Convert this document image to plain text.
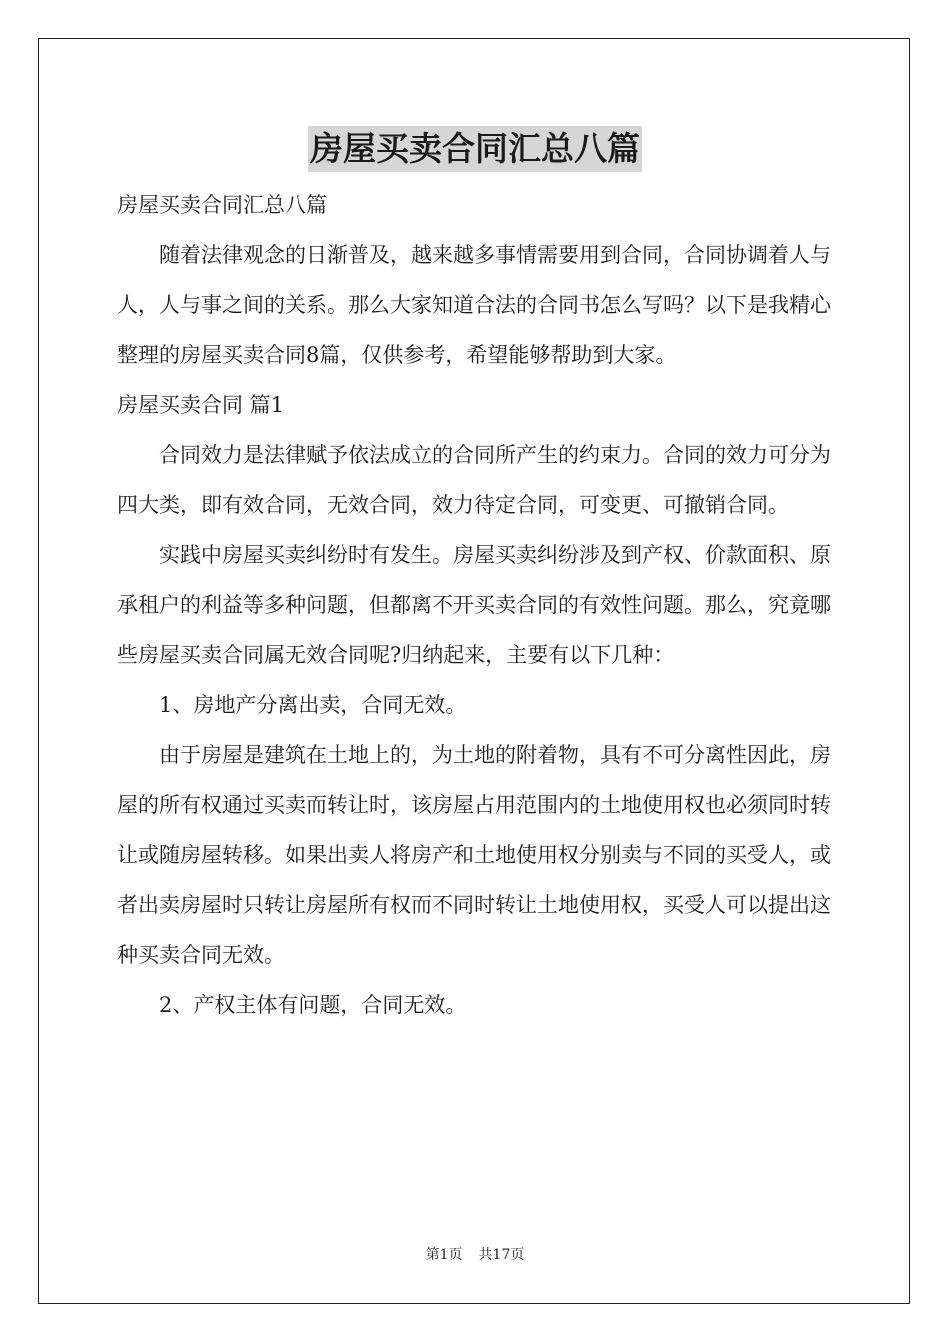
房屋买卖合同汇总八篇

房屋买卖合同汇总八篇

随着法律观念的日渐普及，越来越多事情需要用到合同，合同协调着人与人，人与事之间的关系。那么大家知道合法的合同书怎么写吗？以下是我精心整理的房屋买卖合同8篇，仅供参考，希望能够帮助到大家。

房屋买卖合同 篇1

合同效力是法律赋予依法成立的合同所产生的约束力。合同的效力可分为四大类，即有效合同，无效合同，效力待定合同，可变更、可撤销合同。

实践中房屋买卖纠纷时有发生。房屋买卖纠纷涉及到产权、价款面积、原承租户的利益等多种问题，但都离不开买卖合同的有效性问题。那么，究竟哪些房屋买卖合同属无效合同呢?归纳起来，主要有以下几种：

1、房地产分离出卖，合同无效。

由于房屋是建筑在土地上的，为土地的附着物，具有不可分离性因此，房屋的所有权通过买卖而转让时，该房屋占用范围内的土地使用权也必须同时转让或随房屋转移。如果出卖人将房产和土地使用权分别卖与不同的买受人，或者出卖房屋时只转让房屋所有权而不同时转让土地使用权，买受人可以提出这种买卖合同无效。

2、产权主体有问题，合同无效。

第1页 共17页
